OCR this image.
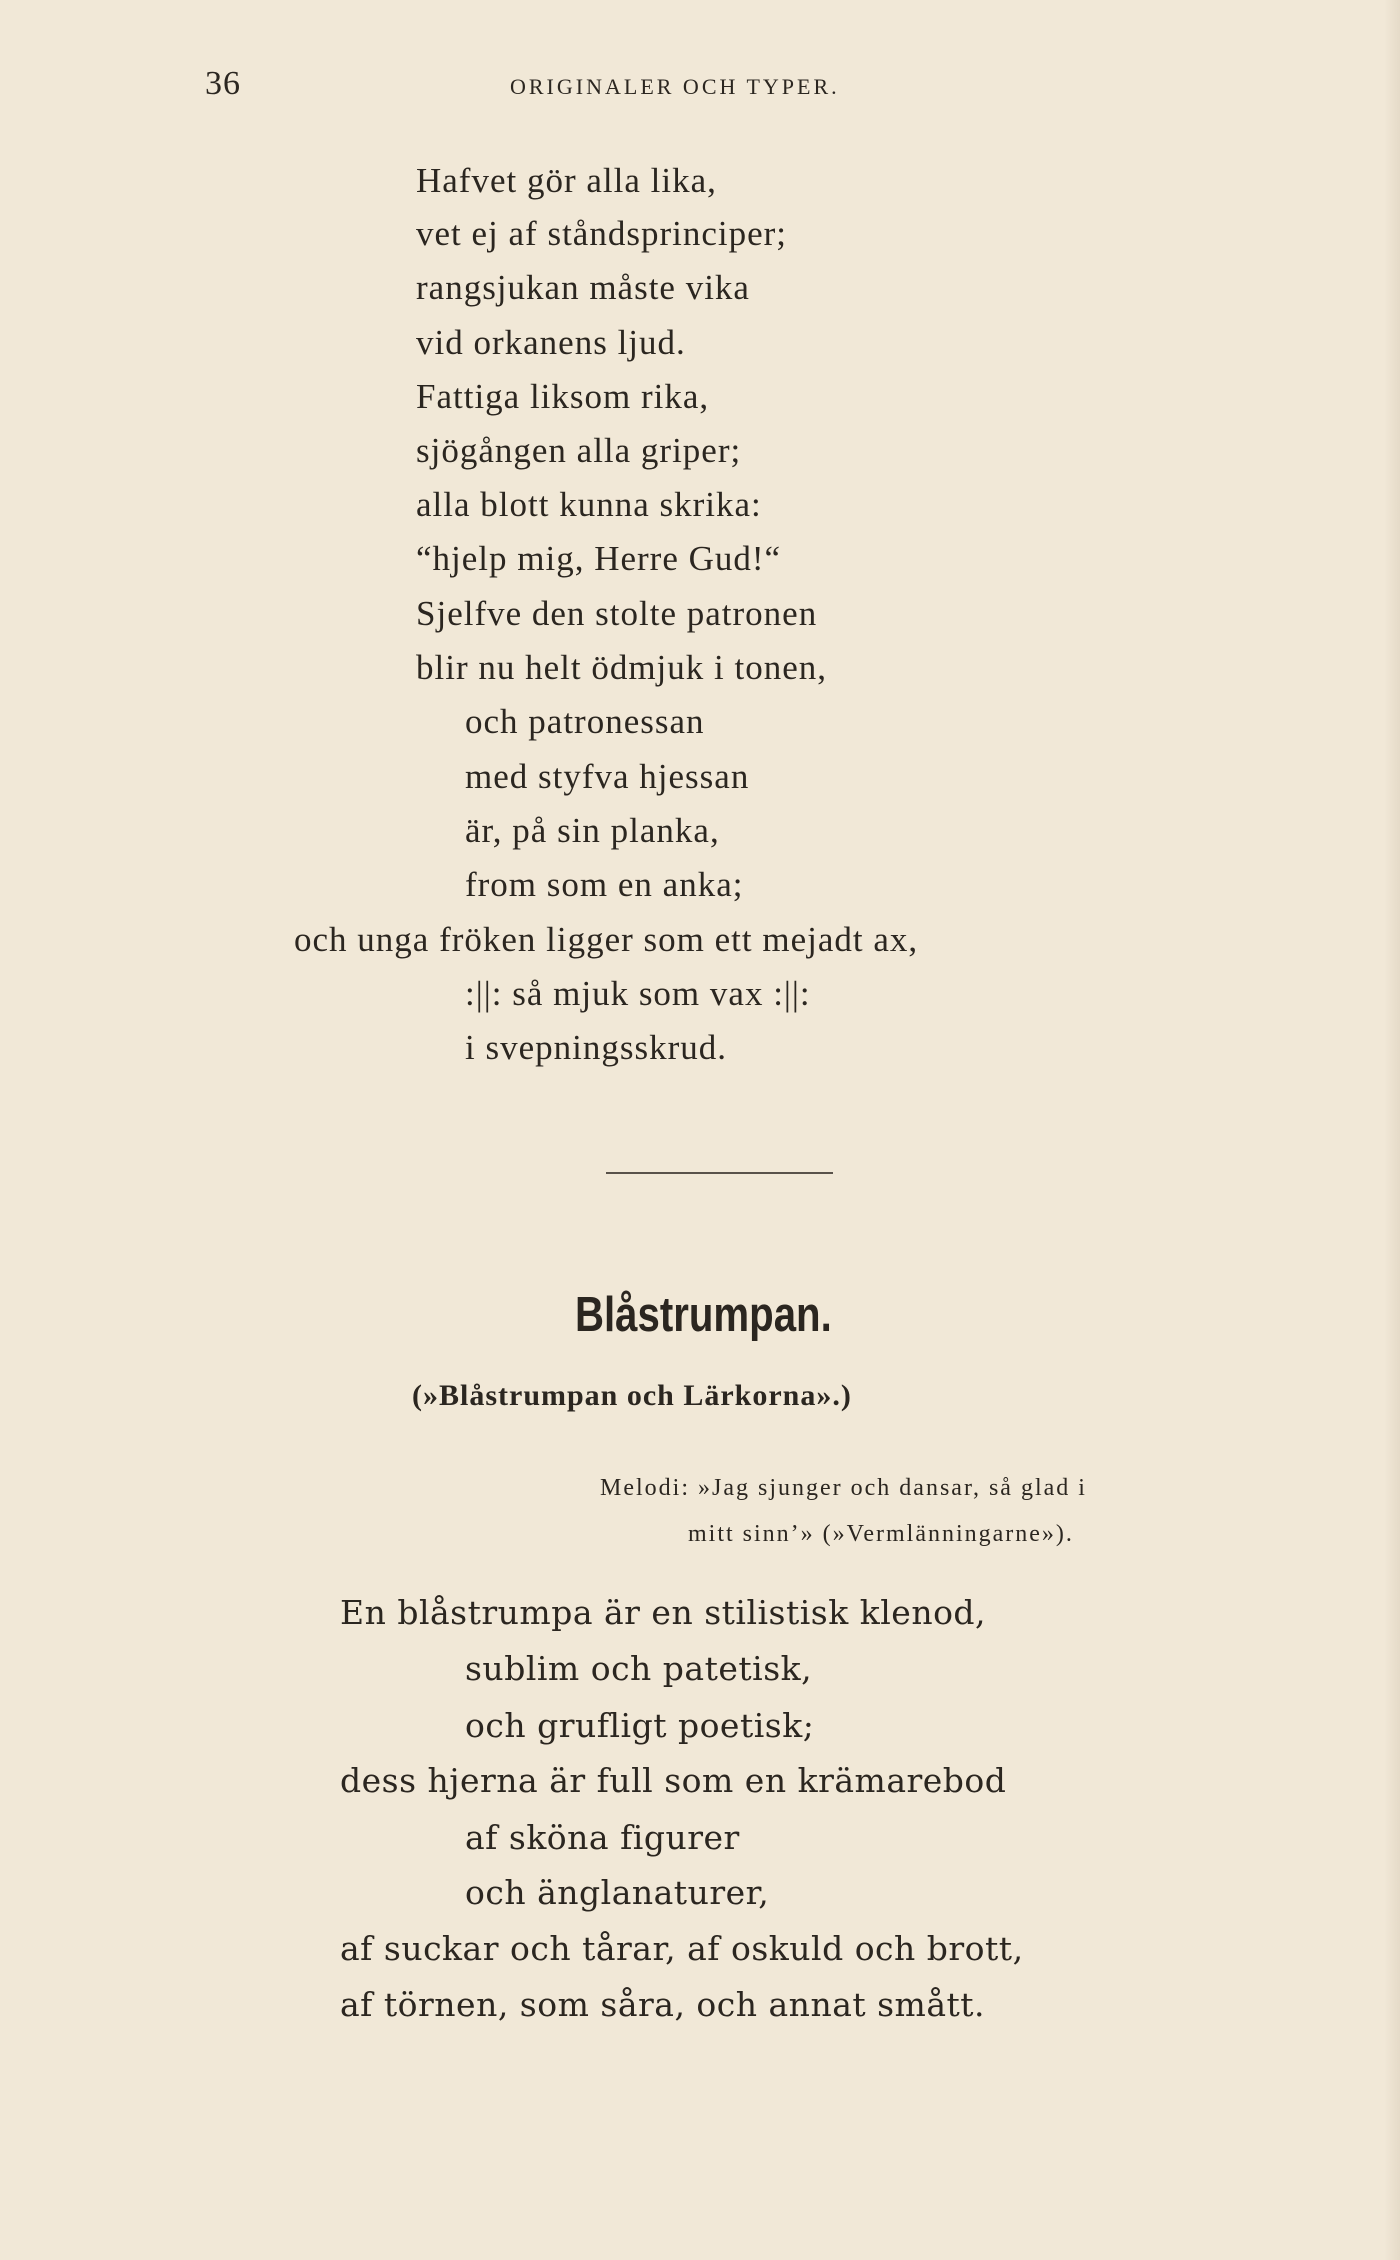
36	ORIGINALER OCH TYPER.
Hafvet gör alla lika,
vet ej af ståndsprinciper;
rangsjukan måste vika
vid orkanens ljud.
Fattiga liksom rika,
sjögången alla griper;
alla blott kunna skrika:
“hjelp mig, Herre Gud!“
Sjelfve den stolte patronen
blir nu helt ödmjuk i tonen,
och patronessan
med styfva hjessan
är, på sin planka,
from som en anka;
och unga fröken ligger som ett mejadt ax,
:||: så mjuk som vax :||:
i svepningsskrud.
Blåstrumpan.
(»Blåstrumpan och Lärkorna».)
Melodi: »Jag sjunger och dansar, så glad i
mitt sinn’» (»Vermlänningarne»).
En blåstrumpa är en stilistisk klenod,
sublim och patetisk,
och grufligt poetisk;
dess hjerna är full som en krämarebod
af sköna figurer
och änglanaturer,
af suckar och tårar, af oskuld och brott,
af törnen, som såra, och annat smått.
